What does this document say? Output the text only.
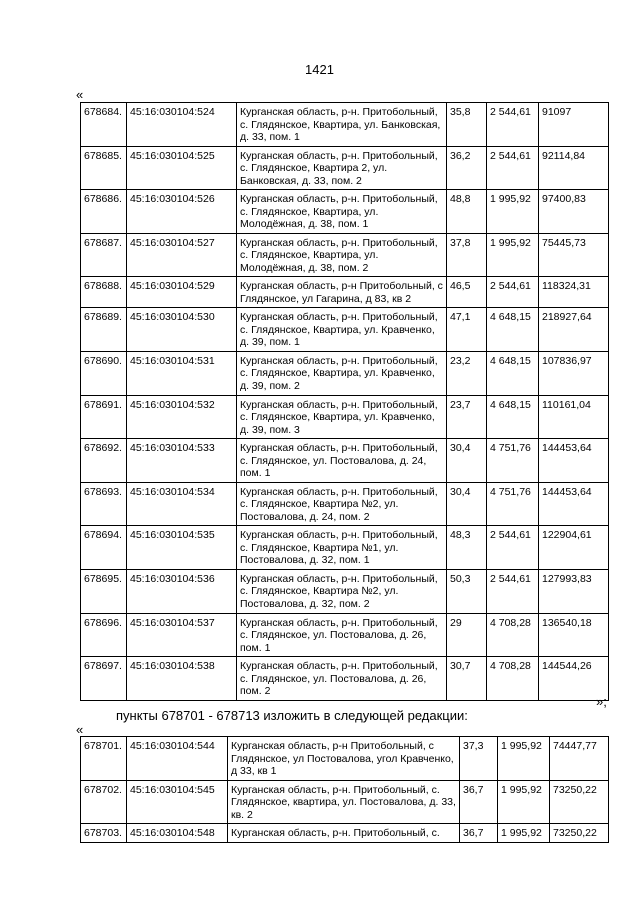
1421
«
678684.	45:16:030104:524	Курганская область, р-н. Притобольный, с. Глядянское, Квартира, ул. Банковская, д. 33, пом. 1	35,8	2 544,61	91097
678685.	45:16:030104:525	Курганская область, р-н. Притобольный, с. Глядянское, Квартира 2, ул. Банковская, д. 33, пом. 2	36,2	2 544,61	92114,84
678686.	45:16:030104:526	Курганская область, р-н. Притобольный, с. Глядянское, Квартира, ул. Молодёжная, д. 38, пом. 1	48,8	1 995,92	97400,83
678687.	45:16:030104:527	Курганская область, р-н. Притобольный, с. Глядянское, Квартира, ул. Молодёжная, д. 38, пом. 2	37,8	1 995,92	75445,73
678688.	45:16:030104:529	Курганская область, р-н Притобольный, с Глядянское, ул Гагарина, д 83, кв 2	46,5	2 544,61	118324,31
678689.	45:16:030104:530	Курганская область, р-н. Притобольный, с. Глядянское, Квартира, ул. Кравченко, д. 39, пом. 1	47,1	4 648,15	218927,64
678690.	45:16:030104:531	Курганская область, р-н. Притобольный, с. Глядянское, Квартира, ул. Кравченко, д. 39, пом. 2	23,2	4 648,15	107836,97
678691.	45:16:030104:532	Курганская область, р-н. Притобольный, с. Глядянское, Квартира, ул. Кравченко, д. 39, пом. 3	23,7	4 648,15	110161,04
678692.	45:16:030104:533	Курганская область, р-н. Притобольный, с. Глядянское, ул. Постовалова, д. 24, пом. 1	30,4	4 751,76	144453,64
678693.	45:16:030104:534	Курганская область, р-н. Притобольный, с. Глядянское, Квартира №2, ул. Постовалова, д. 24, пом. 2	30,4	4 751,76	144453,64
678694.	45:16:030104:535	Курганская область, р-н. Притобольный, с. Глядянское, Квартира №1, ул. Постовалова, д. 32, пом. 1	48,3	2 544,61	122904,61
678695.	45:16:030104:536	Курганская область, р-н. Притобольный, с. Глядянское, Квартира №2, ул. Постовалова, д. 32, пом. 2	50,3	2 544,61	127993,83
678696.	45:16:030104:537	Курганская область, р-н. Притобольный, с. Глядянское, ул. Постовалова, д. 26, пом. 1	29	4 708,28	136540,18
678697.	45:16:030104:538	Курганская область, р-н. Притобольный, с. Глядянское, ул. Постовалова, д. 26, пом. 2	30,7	4 708,28	144544,26
»;
пункты 678701 - 678713 изложить в следующей редакции:
«
678701.	45:16:030104:544	Курганская область, р-н Притобольный, с Глядянское, ул Постовалова, угол Кравченко, д 33, кв 1	37,3	1 995,92	74447,77
678702.	45:16:030104:545	Курганская область, р-н. Притобольный, с. Глядянское, квартира, ул. Постовалова, д. 33, кв. 2	36,7	1 995,92	73250,22
678703.	45:16:030104:548	Курганская область, р-н. Притобольный, с.	36,7	1 995,92	73250,22
